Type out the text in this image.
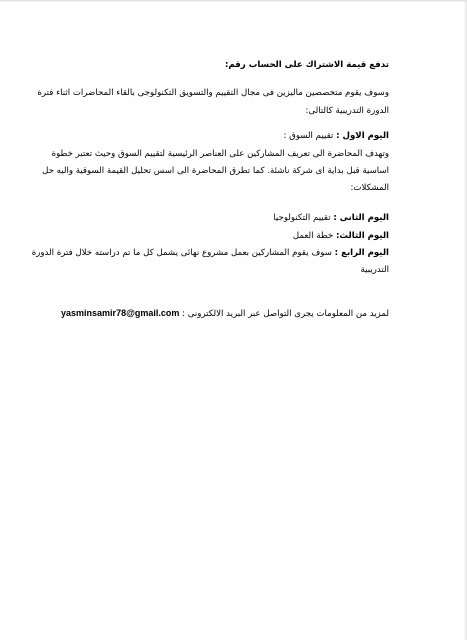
تدفع قيمة الاشتراك على الحساب رقم:
وسوف يقوم متخصصين ماليزين فى مجال التقييم والتسويق التكنولوجى بالقاء المحاضرات اثناء فترة
الدورة التدريبية كالتالى:
اليوم الاول : تقييم السوق :
وتهدف المحاضرة الى تعريف المشاركين على العناصر الرئيسية لتقييم السوق وحيث تعتبر خطوة
اساسية قبل بداية اى شركة ناشئة. كما تطرق المحاضرة الى اسس تحليل القيمة السوقية واليه حل
المشكلات:
اليوم الثانى : تقييم التكنولوجيا
اليوم الثالث: خطة العمل
اليوم الرابع : سوف يقوم المشاركين بعمل مشروع نهائى يشمل كل ما تم دراسته خلال فترة الدورة
التدريبية
لمزيد من المعلومات يجرى التواصل عبر البريد الالكترونى : yasminsamir78@gmail.com
